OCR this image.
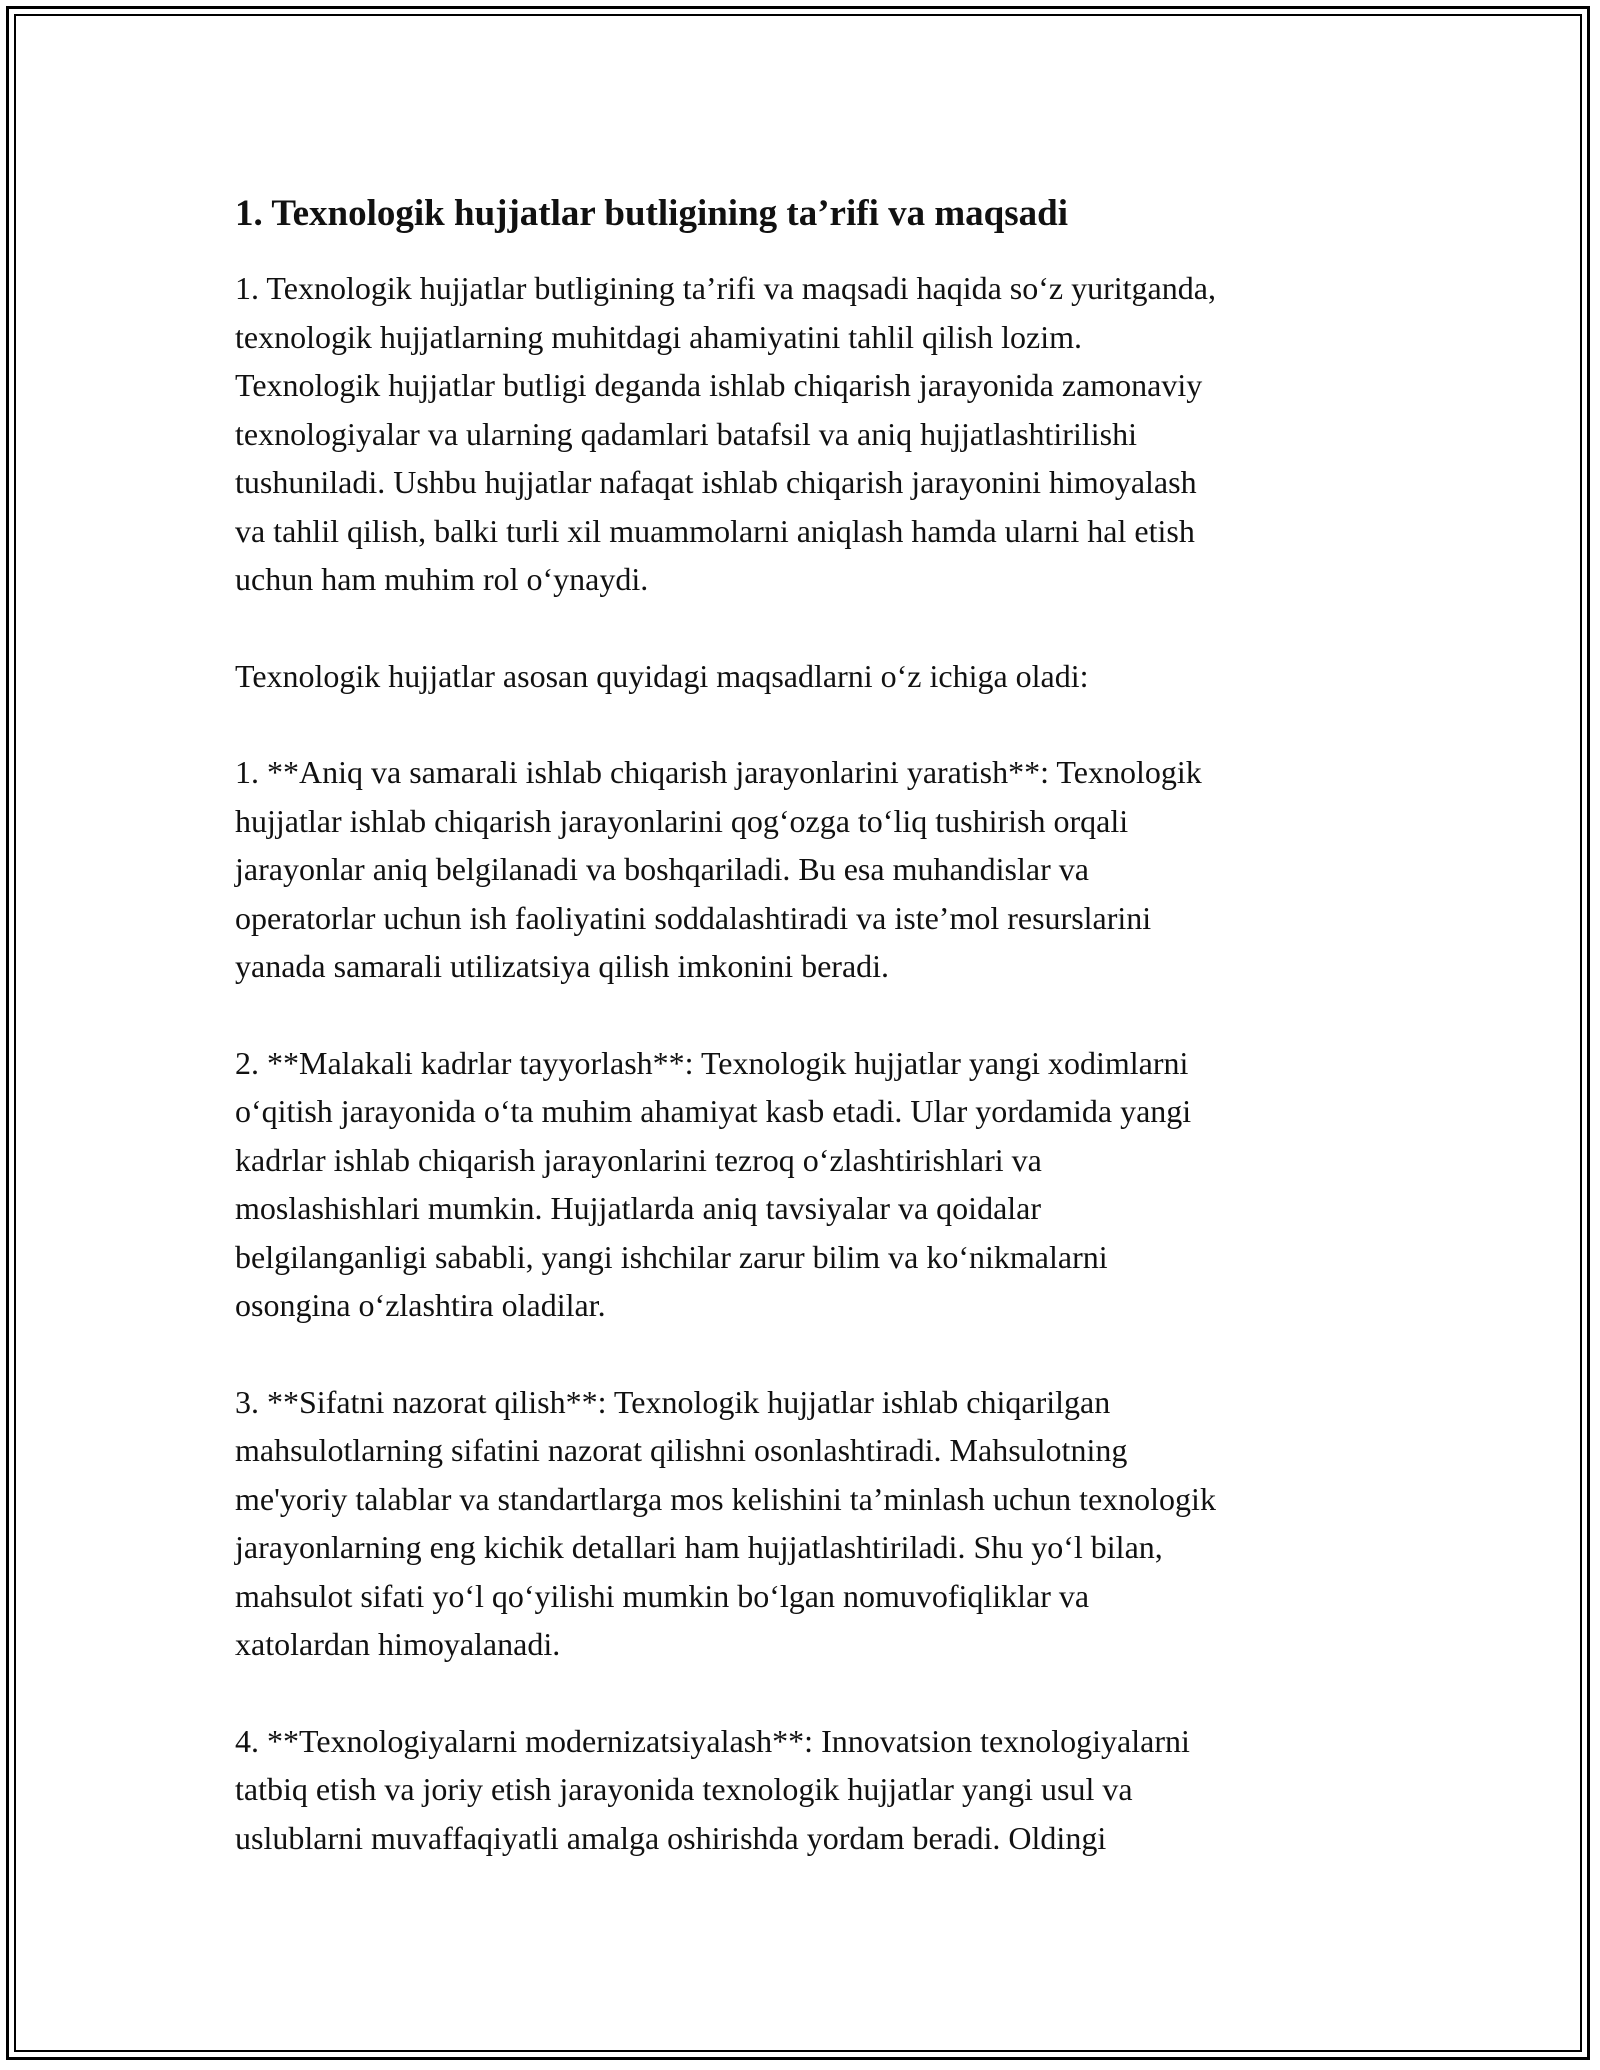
1. Texnologik hujjatlar butligining ta’rifi va maqsadi

1. Texnologik hujjatlar butligining ta’rifi va maqsadi haqida so‘z yuritganda,
texnologik hujjatlarning muhitdagi ahamiyatini tahlil qilish lozim.
Texnologik hujjatlar butligi deganda ishlab chiqarish jarayonida zamonaviy
texnologiyalar va ularning qadamlari batafsil va aniq hujjatlashtirilishi
tushuniladi. Ushbu hujjatlar nafaqat ishlab chiqarish jarayonini himoyalash
va tahlil qilish, balki turli xil muammolarni aniqlash hamda ularni hal etish
uchun ham muhim rol o‘ynaydi.

Texnologik hujjatlar asosan quyidagi maqsadlarni o‘z ichiga oladi:

1. **Aniq va samarali ishlab chiqarish jarayonlarini yaratish**: Texnologik
hujjatlar ishlab chiqarish jarayonlarini qog‘ozga to‘liq tushirish orqali
jarayonlar aniq belgilanadi va boshqariladi. Bu esa muhandislar va
operatorlar uchun ish faoliyatini soddalashtiradi va iste’mol resurslarini
yanada samarali utilizatsiya qilish imkonini beradi.

2. **Malakali kadrlar tayyorlash**: Texnologik hujjatlar yangi xodimlarni
o‘qitish jarayonida o‘ta muhim ahamiyat kasb etadi. Ular yordamida yangi
kadrlar ishlab chiqarish jarayonlarini tezroq o‘zlashtirishlari va
moslashishlari mumkin. Hujjatlarda aniq tavsiyalar va qoidalar
belgilanganligi sababli, yangi ishchilar zarur bilim va ko‘nikmalarni
osongina o‘zlashtira oladilar.

3. **Sifatni nazorat qilish**: Texnologik hujjatlar ishlab chiqarilgan
mahsulotlarning sifatini nazorat qilishni osonlashtiradi. Mahsulotning
me'yoriy talablar va standartlarga mos kelishini ta’minlash uchun texnologik
jarayonlarning eng kichik detallari ham hujjatlashtiriladi. Shu yo‘l bilan,
mahsulot sifati yo‘l qo‘yilishi mumkin bo‘lgan nomuvofiqliklar va
xatolardan himoyalanadi.

4. **Texnologiyalarni modernizatsiyalash**: Innovatsion texnologiyalarni
tatbiq etish va joriy etish jarayonida texnologik hujjatlar yangi usul va
uslublarni muvaffaqiyatli amalga oshirishda yordam beradi. Oldingi
